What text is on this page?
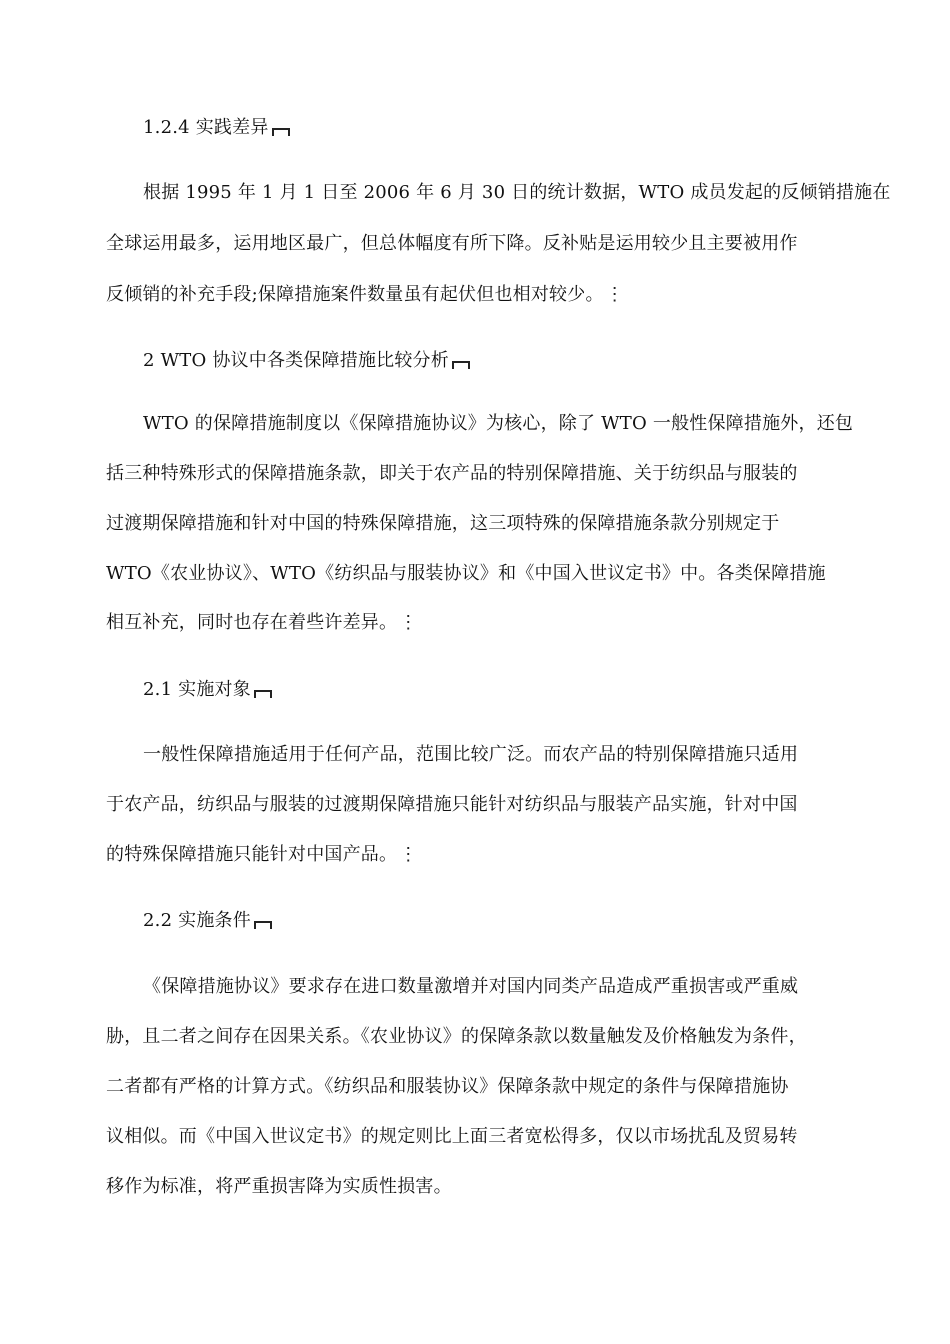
1.2.4 实践差异
根据 1995 年 1 月 1 日至 2006 年 6 月 30 日的统计数据，WTO 成员发起的反倾销措施在
全球运用最多，运用地区最广，但总体幅度有所下降。反补贴是运用较少且主要被用作
反倾销的补充手段;保障措施案件数量虽有起伏但也相对较少。 ⋮
2 WTO 协议中各类保障措施比较分析
WTO 的保障措施制度以《保障措施协议》为核心，除了 WTO 一般性保障措施外，还包
括三种特殊形式的保障措施条款，即关于农产品的特别保障措施、关于纺织品与服装的
过渡期保障措施和针对中国的特殊保障措施，这三项特殊的保障措施条款分别规定于
WTO《农业协议》、WTO《纺织品与服装协议》和《中国入世议定书》中。各类保障措施
相互补充，同时也存在着些许差异。 ⋮
2.1 实施对象
一般性保障措施适用于任何产品，范围比较广泛。而农产品的特别保障措施只适用
于农产品，纺织品与服装的过渡期保障措施只能针对纺织品与服装产品实施，针对中国
的特殊保障措施只能针对中国产品。 ⋮
2.2 实施条件
《保障措施协议》要求存在进口数量激增并对国内同类产品造成严重损害或严重威
胁，且二者之间存在因果关系。《农业协议》的保障条款以数量触发及价格触发为条件，
二者都有严格的计算方式。《纺织品和服装协议》保障条款中规定的条件与保障措施协
议相似。而《中国入世议定书》的规定则比上面三者宽松得多，仅以市场扰乱及贸易转
移作为标准，将严重损害降为实质性损害。
